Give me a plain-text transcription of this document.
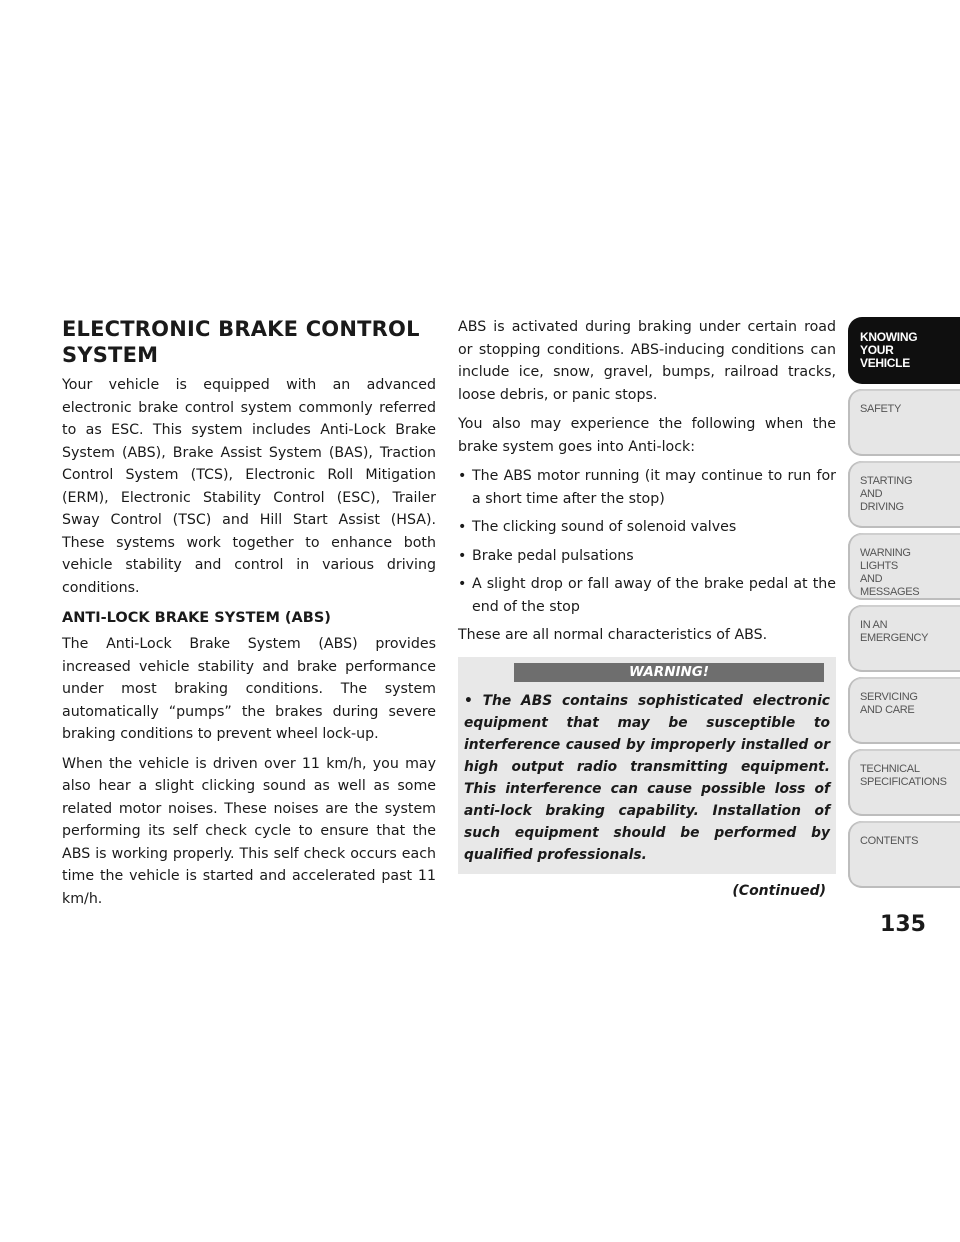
ELECTRONIC BRAKE CONTROL SYSTEM

Your vehicle is equipped with an advanced electronic brake control system commonly referred to as ESC. This system includes Anti-Lock Brake System (ABS), Brake Assist System (BAS), Traction Control System (TCS), Electronic Roll Mitigation (ERM), Electronic Stability Control (ESC), Trailer Sway Control (TSC) and Hill Start Assist (HSA). These systems work together to enhance both vehicle stability and control in various driving conditions.

ANTI-LOCK BRAKE SYSTEM (ABS)

The Anti-Lock Brake System (ABS) provides increased vehicle stability and brake performance under most braking conditions. The system automatically “pumps” the brakes during severe braking conditions to prevent wheel lock-up.

When the vehicle is driven over 11 km/h, you may also hear a slight clicking sound as well as some related motor noises. These noises are the system performing its self check cycle to ensure that the ABS is working properly. This self check occurs each time the vehicle is started and accelerated past 11 km/h.

ABS is activated during braking under certain road or stopping conditions. ABS-inducing conditions can include ice, snow, gravel, bumps, railroad tracks, loose debris, or panic stops.

You also may experience the following when the brake system goes into Anti-lock:

• The ABS motor running (it may continue to run for a short time after the stop)
• The clicking sound of solenoid valves
• Brake pedal pulsations
• A slight drop or fall away of the brake pedal at the end of the stop

These are all normal characteristics of ABS.

WARNING!
• The ABS contains sophisticated electronic equipment that may be susceptible to interference caused by improperly installed or high output radio transmitting equipment. This interference can cause possible loss of anti-lock braking capability. Installation of such equipment should be performed by qualified professionals.
(Continued)
KNOWING
YOUR
VEHICLE
SAFETY
STARTING
AND
DRIVING
WARNING
LIGHTS
AND
MESSAGES
IN AN
EMERGENCY
SERVICING
AND CARE
TECHNICAL
SPECIFICATIONS
CONTENTS
135
